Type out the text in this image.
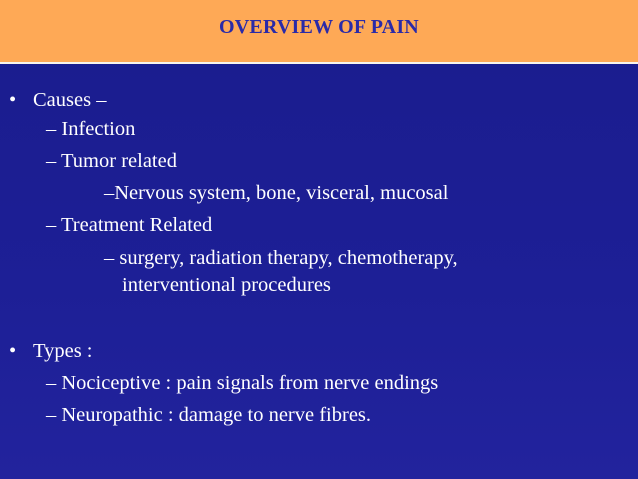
OVERVIEW OF PAIN
• Causes –
– Infection
– Tumor related
–Nervous system, bone, visceral, mucosal
– Treatment Related
– surgery, radiation therapy, chemotherapy,
interventional procedures
• Types :
– Nociceptive : pain signals from nerve endings
– Neuropathic : damage to nerve fibres.
